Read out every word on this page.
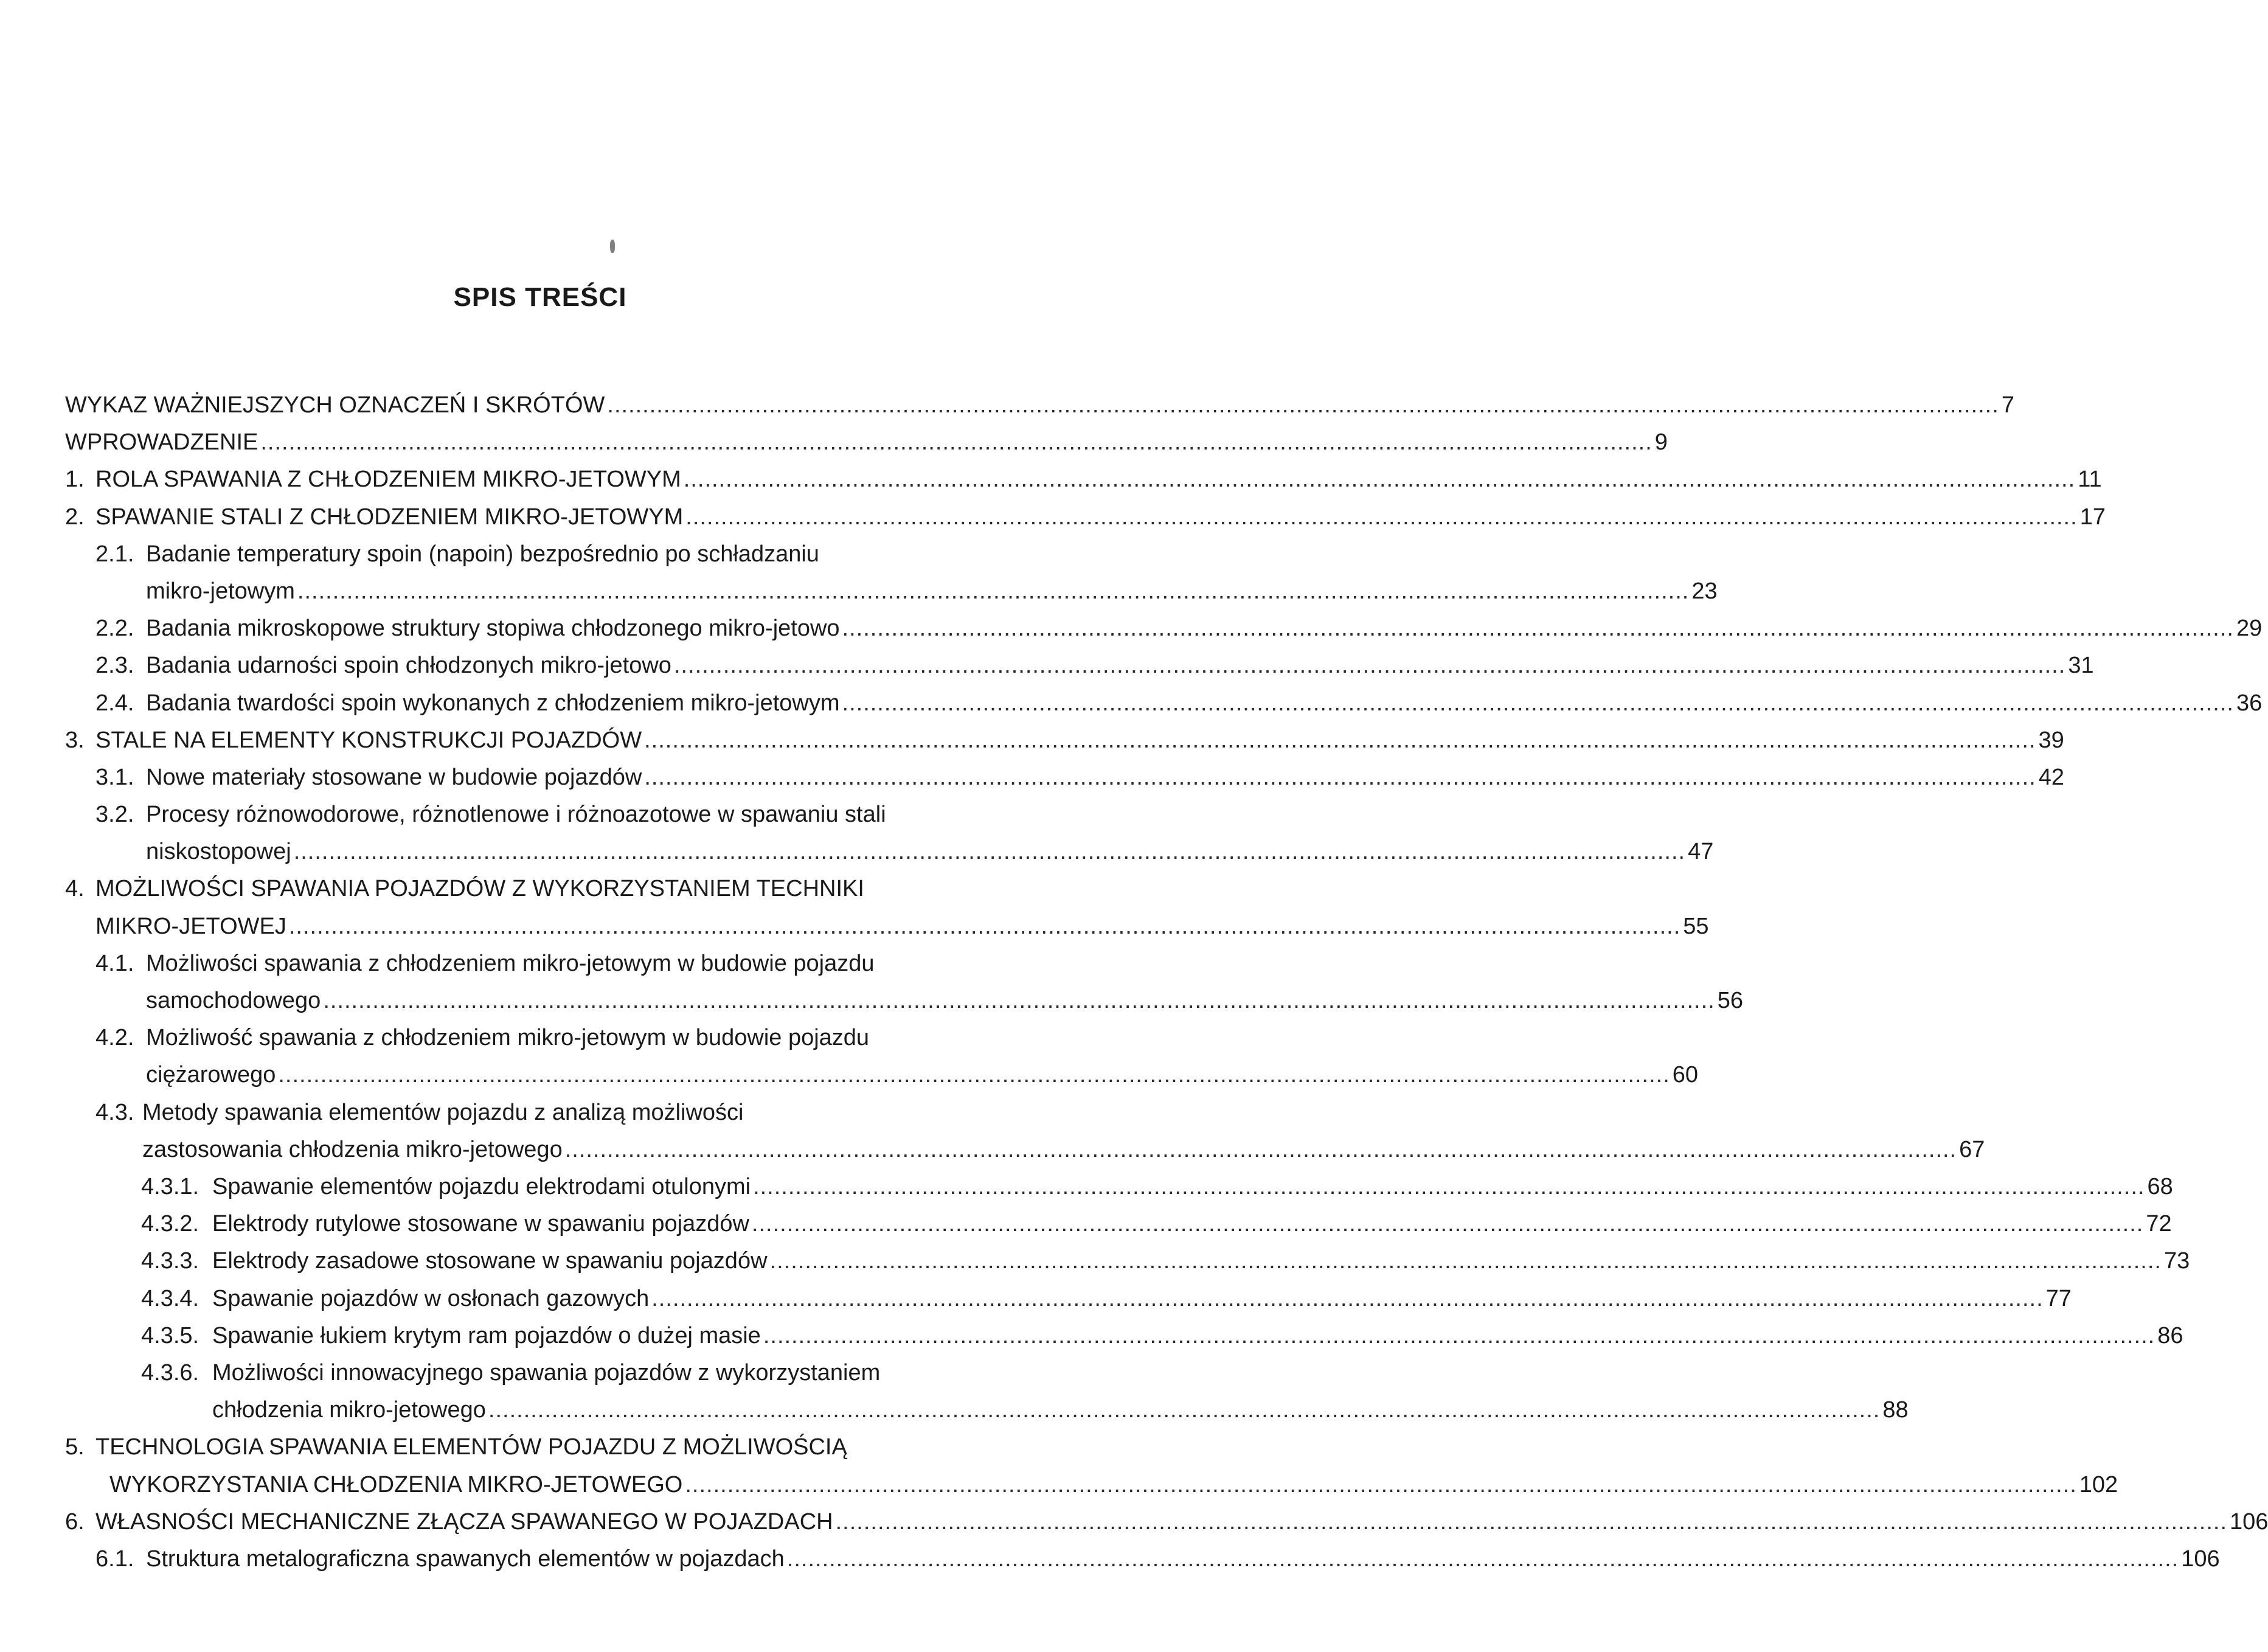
SPIS TREŚCI
WYKAZ WAŻNIEJSZYCH OZNACZEŃ I SKRÓTÓW ...................................................................................................................................................................................................... 7
WPROWADZENIE ...................................................................................................................................................................................................... 9
1. ROLA SPAWANIA Z CHŁODZENIEM MIKRO-JETOWYM ...................................................................................................................................................................................................... 11
2. SPAWANIE STALI Z CHŁODZENIEM MIKRO-JETOWYM ...................................................................................................................................................................................................... 17
2.1. Badanie temperatury spoin (napoin) bezpośrednio po schładzaniu
mikro-jetowym ...................................................................................................................................................................................................... 23
2.2. Badania mikroskopowe struktury stopiwa chłodzonego mikro-jetowo ...................................................................................................................................................................................................... 29
2.3. Badania udarności spoin chłodzonych mikro-jetowo ...................................................................................................................................................................................................... 31
2.4. Badania twardości spoin wykonanych z chłodzeniem mikro-jetowym ...................................................................................................................................................................................................... 36
3. STALE NA ELEMENTY KONSTRUKCJI POJAZDÓW ...................................................................................................................................................................................................... 39
3.1. Nowe materiały stosowane w budowie pojazdów ...................................................................................................................................................................................................... 42
3.2. Procesy różnowodorowe, różnotlenowe i różnoazotowe w spawaniu stali
niskostopowej ...................................................................................................................................................................................................... 47
4. MOŻLIWOŚCI SPAWANIA POJAZDÓW Z WYKORZYSTANIEM TECHNIKI
MIKRO-JETOWEJ ...................................................................................................................................................................................................... 55
4.1. Możliwości spawania z chłodzeniem mikro-jetowym w budowie pojazdu
samochodowego ...................................................................................................................................................................................................... 56
4.2. Możliwość spawania z chłodzeniem mikro-jetowym w budowie pojazdu
ciężarowego ...................................................................................................................................................................................................... 60
4.3. Metody spawania elementów pojazdu z analizą możliwości
zastosowania chłodzenia mikro-jetowego ...................................................................................................................................................................................................... 67
4.3.1. Spawanie elementów pojazdu elektrodami otulonymi ...................................................................................................................................................................................................... 68
4.3.2. Elektrody rutylowe stosowane w spawaniu pojazdów ...................................................................................................................................................................................................... 72
4.3.3. Elektrody zasadowe stosowane w spawaniu pojazdów ...................................................................................................................................................................................................... 73
4.3.4. Spawanie pojazdów w osłonach gazowych ...................................................................................................................................................................................................... 77
4.3.5. Spawanie łukiem krytym ram pojazdów o dużej masie ...................................................................................................................................................................................................... 86
4.3.6. Możliwości innowacyjnego spawania pojazdów z wykorzystaniem
chłodzenia mikro-jetowego ...................................................................................................................................................................................................... 88
5. TECHNOLOGIA SPAWANIA ELEMENTÓW POJAZDU Z MOŻLIWOŚCIĄ
WYKORZYSTANIA CHŁODZENIA MIKRO-JETOWEGO ...................................................................................................................................................................................................... 102
6. WŁASNOŚCI MECHANICZNE ZŁĄCZA SPAWANEGO W POJAZDACH ...................................................................................................................................................................................................... 106
6.1. Struktura metalograficzna spawanych elementów w pojazdach ...................................................................................................................................................................................................... 106
